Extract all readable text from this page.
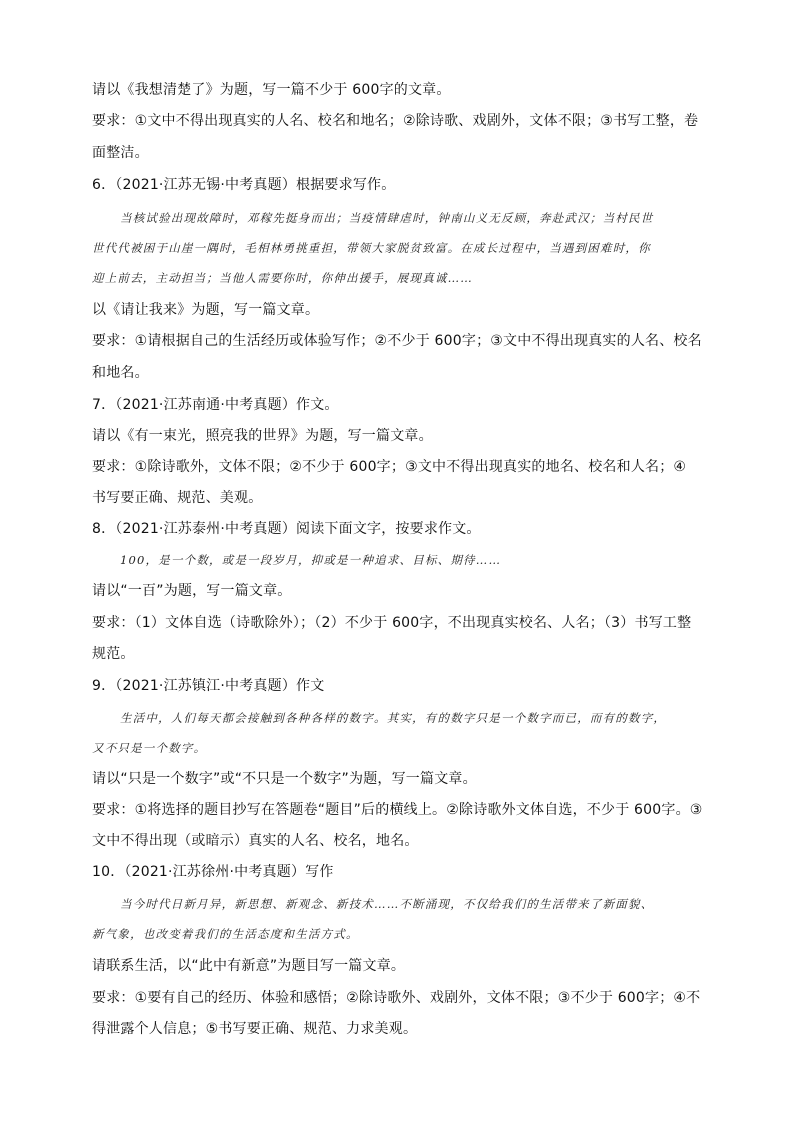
请以《我想清楚了》为题，写一篇不少于 600字的文章。
要求：①文中不得出现真实的人名、校名和地名；②除诗歌、戏剧外，文体不限；③书写工整，卷
面整洁。
6．（2021·江苏无锡·中考真题）根据要求写作。
当核试验出现故障时，邓稼先挺身而出；当疫情肆虐时，钟南山义无反顾，奔赴武汉；当村民世
世代代被困于山崖一隅时，毛相林勇挑重担，带领大家脱贫致富。在成长过程中，当遇到困难时，你
迎上前去，主动担当；当他人需要你时，你伸出援手，展现真诚……
以《请让我来》为题，写一篇文章。
要求：①请根据自己的生活经历或体验写作；②不少于 600字；③文中不得出现真实的人名、校名
和地名。
7．（2021·江苏南通·中考真题）作文。
请以《有一束光，照亮我的世界》为题，写一篇文章。
要求：①除诗歌外，文体不限；②不少于 600字；③文中不得出现真实的地名、校名和人名；④
书写要正确、规范、美观。
8．（2021·江苏泰州·中考真题）阅读下面文字，按要求作文。
100，是一个数，或是一段岁月，抑或是一种追求、目标、期待……
请以“一百”为题，写一篇文章。
要求：（1）文体自选（诗歌除外）；（2）不少于 600字，不出现真实校名、人名；（3）书写工整
规范。
9．（2021·江苏镇江·中考真题）作文
生活中，人们每天都会接触到各种各样的数字。其实，有的数字只是一个数字而已，而有的数字，
又不只是一个数字。
请以“只是一个数字”或“不只是一个数字”为题，写一篇文章。
要求：①将选择的题目抄写在答题卷“题目”后的横线上。②除诗歌外文体自选，不少于 600字。③
文中不得出现（或暗示）真实的人名、校名，地名。
10．（2021·江苏徐州·中考真题）写作
当今时代日新月异，新思想、新观念、新技术……不断涌现，不仅给我们的生活带来了新面貌、
新气象，也改变着我们的生活态度和生活方式。
请联系生活，以“此中有新意”为题目写一篇文章。
要求：①要有自己的经历、体验和感悟；②除诗歌外、戏剧外，文体不限；③不少于 600字；④不
得泄露个人信息；⑤书写要正确、规范、力求美观。
